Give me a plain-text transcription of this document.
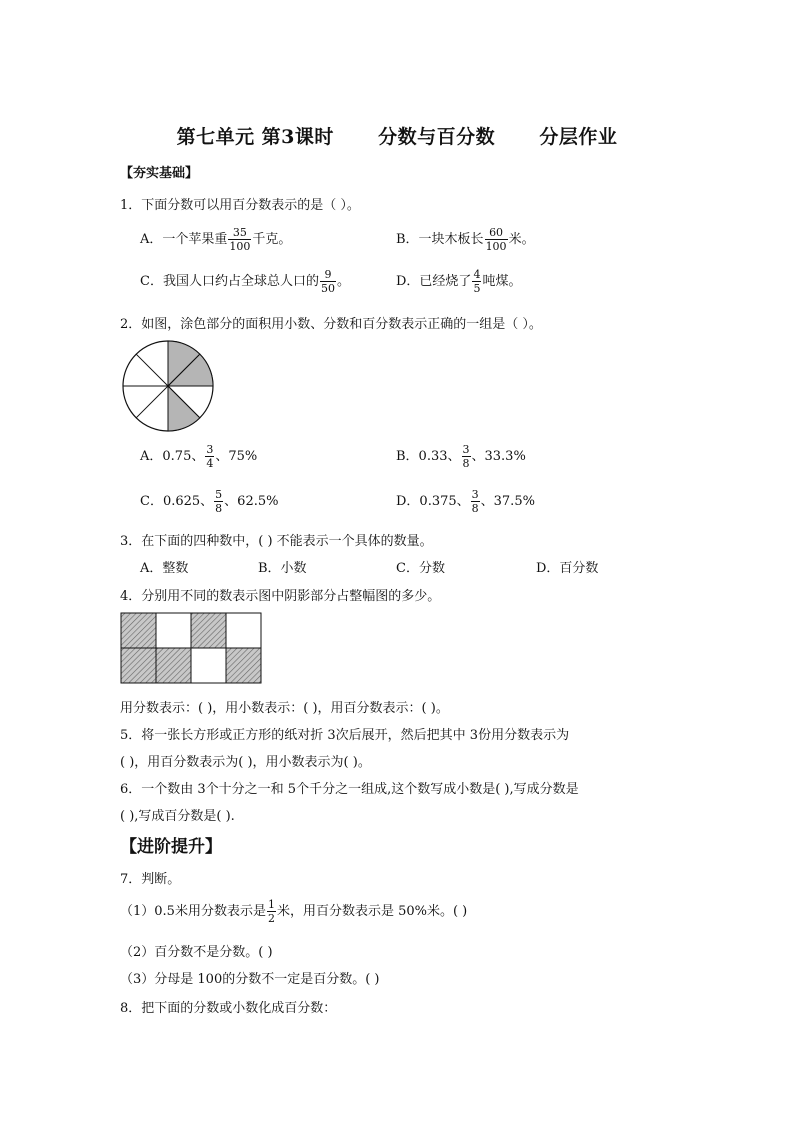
第七单元 第3课时 分数与百分数 分层作业
【夯实基础】
1．下面分数可以用百分数表示的是（ ）。
A．一个苹果重 $\frac{35}{100}$ 千克。	B．一块木板长 $\frac{60}{100}$ 米。
C．我国人口约占全球总人口的 $\frac{9}{50}$ 。	D．已经烧了 $\frac{4}{5}$ 吨煤。
2．如图，涂色部分的面积用小数、分数和百分数表示正确的一组是（ ）。
A．0.75、 $\frac{3}{4}$ 、75%	B．0.33、 $\frac{3}{8}$ 、33.3%
C．0.625、 $\frac{5}{8}$ 、62.5%	D．0.375、 $\frac{3}{8}$ 、37.5%
3．在下面的四种数中，( ) 不能表示一个具体的数量。
A．整数	B．小数	C．分数	D．百分数
4．分别用不同的数表示图中阴影部分占整幅图的多少。
用分数表示：( )，用小数表示：( )，用百分数表示：( )。
5．将一张长方形或正方形的纸对折 3次后展开，然后把其中 3份用分数表示为
( )，用百分数表示为( )，用小数表示为( )。
6．一个数由 3个十分之一和 5个千分之一组成,这个数写成小数是( ),写成分数是
( ),写成百分数是( ).
【进阶提升】
7．判断。
（1）0.5米用分数表示是 $\frac{1}{2}$ 米，用百分数表示是 50%米。( )
（2）百分数不是分数。( )
（3）分母是 100的分数不一定是百分数。( )
8．把下面的分数或小数化成百分数：
